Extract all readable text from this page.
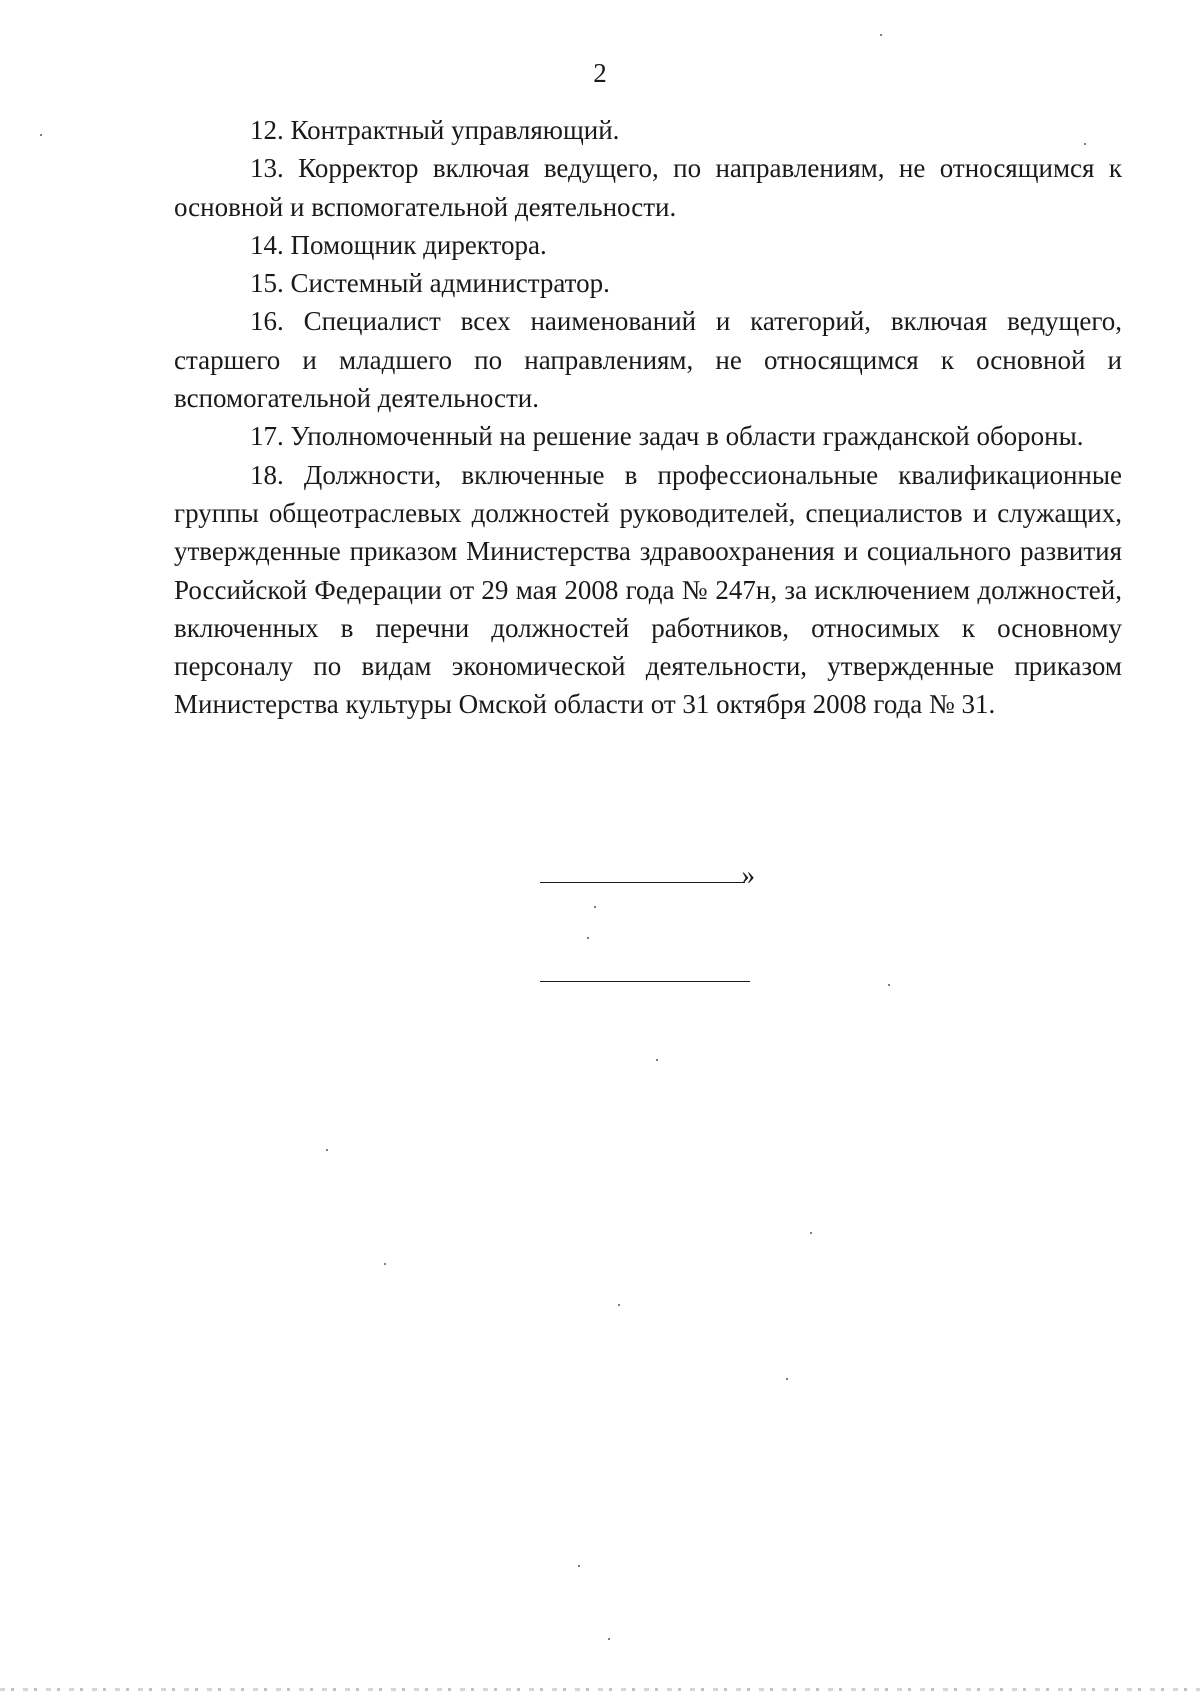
2

12. Контрактный управляющий.

13. Корректор включая ведущего, по направлениям, не относящимся к основной и вспомогательной деятельности.

14. Помощник директора.

15. Системный администратор.

16. Специалист всех наименований и категорий, включая ведущего, старшего и младшего по направлениям, не относящимся к основной и вспомогательной деятельности.

17. Уполномоченный на решение задач в области гражданской обороны.

18. Должности, включенные в профессиональные квалификационные группы общеотраслевых должностей руководителей, специалистов и служащих, утвержденные приказом Министерства здравоохранения и социального развития Российской Федерации от 29 мая 2008 года № 247н, за исключением должностей, включенных в перечни должностей работников, относимых к основному персоналу по видам экономической деятельности, утвержденные приказом Министерства культуры Омской области от 31 октября 2008 года № 31.

»
